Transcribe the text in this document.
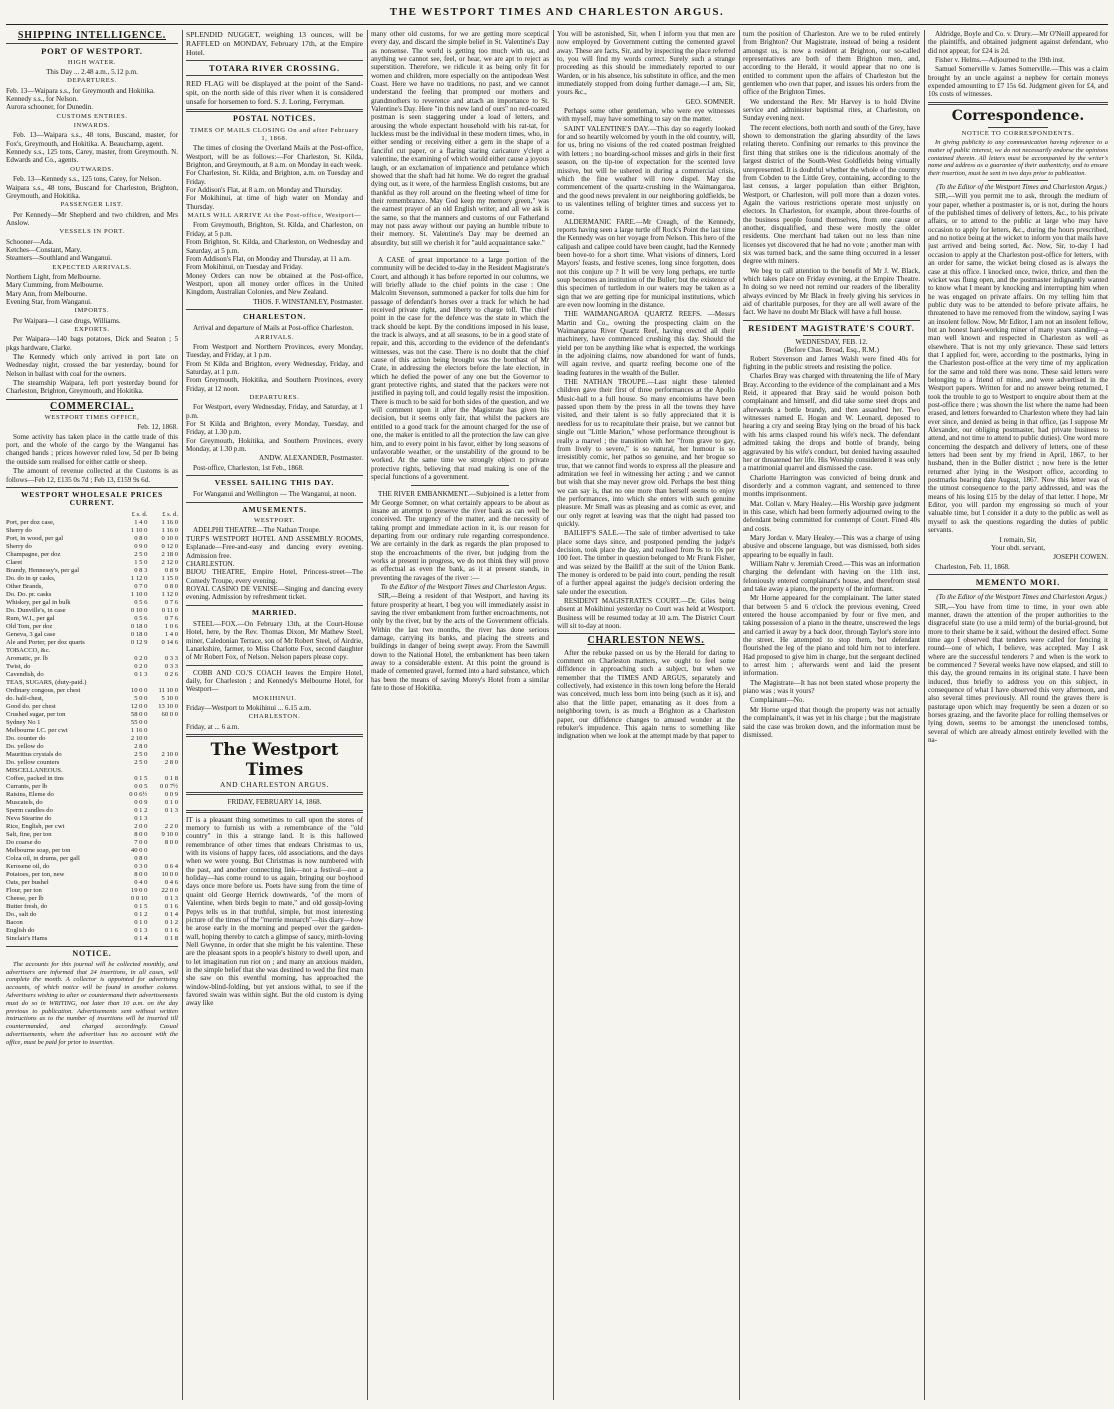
THE WESTPORT TIMES AND CHARLESTON ARGUS.
SHIPPING INTELLIGENCE.
PORT OF WESTPORT.
HIGH WATER.
This Day ... 2.48 a.m., 5.12 p.m.
DEPARTURES.

Feb. 13—Waipara s.s., for Greymouth and Hokitika.
Kennedy s.s., for Nelson.
Aurora schooner, for Dunedin.

CUSTOMS ENTRIES.
INWARDS.

Feb. 13—Waipara s.s., 48 tons, Buscand, master, for Fox's, Greymouth, and Hokitika. A. Beauchamp, agent.
Kennedy s.s., 125 tons, Carey, master, from Greymouth. N. Edwards and Co., agents.

OUTWARDS.

Feb. 13—Kennedy s.s., 125 tons, Carey, for Nelson.
Waipara s.s., 48 tons, Buscand for Charleston, Brighton, Greymouth, and Hokitika.

PASSENGER LIST.

Per Kennedy—Mr Shepherd and two children, and Mrs Anslow.

VESSELS IN PORT.

Schooner—Ada.
Ketches—Constant, Mary.
Steamers—Southland and Wanganui.

EXPECTED ARRIVALS.

Northern Light, from Melbourne.
Mary Cumming, from Melbourne.
Mary Ann, from Melbourne.
Evening Star, from Wanganui.

IMPORTS.

Per Waipara—1 case drugs, Williams.

EXPORTS.

Per Waipara—140 bags potatoes, Dick and Seaton ; 5 pkgs hardware, Clarke.

The Kennedy which only arrived in port late on Wednesday night, crossed the bar yesterday, bound for Nelson in ballast with coal for the owners.

The steamship Waipara, left port yesterday bound for Charleston, Brighton, Greymouth, and Hokitika.

COMMERCIAL.
WESTPORT TIMES OFFICE,
Feb. 12, 1868.

Some activity has taken place in the cattle trade of this port, and the whole of the cargo by the Wanganui has changed hands ; prices however ruled low, 5d per lb being the outside sum realised for either cattle or sheep.

The amount of revenue collected at the Customs is as follows—Feb 12, £135 0s 7d ; Feb 13, £159 9s 6d.

WESTPORT WHOLESALE PRICES CURRENT.
	£ s. d.	£ s. d.
Port, per doz case,	1 4 0	1 16 0
Sherry do	1 10 0	1 16 0
Port, in wood, per gal	0 8 0	0 10 0
Sherry do	0 9 0	0 12 0
Champagne, per doz	2 5 0	2 18 0
Claret	1 5 0	2 12 0
Brandy, Hennessy's, per gal	0 8 3	0 8 9
Do. do in qr casks,	1 12 0	1 15 0
Other Brands,	0 7 0	0 8 0
Do. Do. pr. casks	1 10 0	1 12 0
Whiskey, per gal in bulk	0 5 6	0 7 6
Do. Dunville's, in case	0 10 0	0 11 0
Rum, W.I., per gal	0 5 6	0 7 6
Old Tom, per doz	0 18 0	1 0 6
Geneva, 3 gal case	0 18 0	1 4 0
Ale and Porter, per doz quarts	0 12 9	0 14 6
TOBACCO, &c.		
Aromatic, pr. lb	0 2 0	0 3 3
Twist, do	0 2 0	0 3 3
Cavendish, do	0 1 3	0 2 6
TEAS, SUGARS, (duty-paid.)		
Ordinary congous, per chest	10 0 0	11 10 0
do. half-chest,	5 0 0	5 10 0
Good do. per chest	12 0 0	13 10 0
Crushed sugar, per ton	58 0 0	60 0 0
Sydney No 1	55 0 0	
Melbourne I.C. per cwt	1 16 0	
Do. counter do	2 10 0	
Do. yellow do	2 8 0	
Mauritius crystals do	2 5 0	2 10 0
Do. yellow counters	2 5 0	2 8 0
MISCELLANEOUS.		
Coffee, packed in tins	0 1 5	0 1 8
Currants, per lb	0 0 5	0 0 7½
Raisins, Eleme do	0 0 6½	0 0 9
Muscatels, do	0 0 9	0 1 0
Sperm candles do	0 1 2	0 1 3
Neva Stearine do	0 1 3	
Rice, English, per cwt	2 0 0	2 2 0
Salt, fine, per ton	8 0 0	9 10 0
Do coarse do	7 0 0	8 0 0
Melbourne soap, per ton	40 0 0	
Colza oil, in drums, per gall	0 8 0	
Kerosene oil, do	0 3 0	0 6 4
Potatoes, per ton, new	8 0 0	10 0 0
Oats, per bushel	0 4 0	0 4 6
Flour, per ton	19 0 0	22 0 0
Cheese, per lb	0 0 10	0 1 3
Butter fresh, do	0 1 5	0 1 6
Do., salt do	0 1 2	0 1 4
Bacon	0 1 0	0 1 2
English do	0 1 3	0 1 6
Sinclair's Hams	0 1 4	0 1 8
NOTICE.

The accounts for this journal will be collected monthly, and advertisers are informed that 24 insertions, in all cases, will complete the month. A collector is appointed for advertising accounts, of which notice will be found in another column. Advertisers wishing to alter or countermand their advertisements must do so in WRITING, not later than 10 a.m. on the day previous to publication. Advertisements sent without written instructions as to the number of insertions will be inserted till countermanded, and charged accordingly. Casual advertisements, when the advertiser has no account with the office, must be paid for prior to insertion.

SPLENDID NUGGET, weighing 13 ounces, will be RAFFLED on MONDAY, February 17th, at the Empire Hotel.

TOTARA RIVER CROSSING.

RED FLAG will be displayed at the point of the Sand-spit, on the north side of this river when it is considered unsafe for horsemen to ford. S. J. Loring, Ferryman.

POSTAL NOTICES.
TIMES OF MAILS CLOSING On and after February 1, 1868.

The times of closing the Overland Mails at the Post-office, Westport, will be as follows:—For Charleston, St. Kilda, Brighton, and Greymouth, at 8 a.m. on Monday in each week.
For Charleston, St. Kilda, and Brighton, a.m. on Tuesday and Friday.
For Addison's Flat, at 8 a.m. on Monday and Thursday.
For Mokihinui, at time of high water on Monday and Thursday.

MAILS WILL ARRIVE At the Post-office, Westport—

From Greymouth, Brighton, St. Kilda, and Charleston, on Friday, at 5 p.m.
From Brighton, St. Kilda, and Charleston, on Wednesday and Saturday, at 5 p.m.
From Addison's Flat, on Monday and Thursday, at 11 a.m.
From Mokihinui, on Tuesday and Friday.
Money Orders can now be obtained at the Post-office, Westport, upon all money order offices in the United Kingdom, Australian Colonies, and New Zealand.

THOS. F. WINSTANLEY, Postmaster.
CHARLESTON.

Arrival and departure of Mails at Post-office Charleston.

ARRIVALS.

From Westport and Northern Provinces, every Monday, Tuesday, and Friday, at 1 p.m.
From St Kilda and Brighton, every Wednesday, Friday, and Saturday, at 1 p.m.
From Greymouth, Hokitika, and Southern Provinces, every Friday, at 12 noon.

DEPARTURES.

For Westport, every Wednesday, Friday, and Saturday, at 1 p.m.
For St Kilda and Brighton, every Monday, Tuesday, and Friday, at 1.30 p.m.
For Greymouth, Hokitika, and Southern Provinces, every Monday, at 1.30 p.m.

ANDW. ALEXANDER, Postmaster.

Post-office, Charleston, 1st Feb., 1868.

VESSEL SAILING THIS DAY.

For Wanganui and Wellington — The Wanganui, at noon.

AMUSEMENTS.
WESTPORT.

ADELPHI THEATRE—The Nathan Troupe.
TURF'S WESTPORT HOTEL AND ASSEMBLY ROOMS, Esplanade—Free-and-easy and dancing every evening. Admission free.
CHARLESTON.
BIJOU THEATRE, Empire Hotel, Princess-street—The Comedy Troupe, every evening.
ROYAL CASINO DE VENISE—Singing and dancing every evening. Admission by refreshment ticket.

MARRIED.

STEEL—FOX.—On February 13th, at the Court-House Hotel, here, by the Rev. Thomas Dixon, Mr Mathew Steel, miner, Caledonian Terrace, son of Mr Robert Steel, of Airdrie, Lanarkshire, farmer, to Miss Charlotte Fox, second daughter of Mr Robert Fox, of Nelson. Nelson papers please copy.

COBB AND CO.'S COACH leaves the Empire Hotel, daily, for Charleston ; and Kennedy's Melbourne Hotel, for Westport—

MOKIHINUI.

Friday—Westport to Mokihinui ... 6.15 a.m.

CHARLESTON.

Friday, at ... 6 a.m.

The Westport Times
AND CHARLESTON ARGUS.
FRIDAY, FEBRUARY 14, 1868.

IT is a pleasant thing sometimes to call upon the stores of memory to furnish us with a remembrance of the "old country" in this a strange land. It is this hallowed remembrance of other times that endears Christmas to us, with its visions of happy faces, old associations, and the days when we were young. But Christmas is now numbered with the past, and another connecting link—not a festival—not a holiday—has come round to us again, bringing our boyhood days once more before us. Poets have sung from the time of quaint old George Herrick downwards, "of the morn of Valentine, when birds begin to mate," and old gossip-loving Pepys tells us in that truthful, simple, but most interesting picture of the times of the "merrie monarch"—his diary—how he arose early in the morning and peeped over the garden-wall, hoping thereby to catch a glimpse of saucy, mirth-loving Nell Gwynne, in order that she might be his valentine. These are the pleasant spots in a people's history to dwell upon, and to let imagination run riot on ; and many an anxious maiden, in the simple belief that she was destined to wed the first man she saw on this eventful morning, has approached the window-blind-folding, but yet anxious withal, to see if the favored swain was within sight. But the old custom is dying away like

many other old customs, for we are getting more sceptical every day, and discard the simple belief in St. Valentine's Day as nonsense. The world is getting too much with us, and anything we cannot see, feel, or hear, we are apt to reject as superstition. Therefore, we ridicule it as being only fit for women and children, more especially on the antipodean West Coast. Here we have no traditions, no past, and we cannot understand the feeling that prompted our mothers and grandmothers to reverence and attach an importance to St. Valentine's Day. Here "in this new land of ours" no red-coated postman is seen staggering under a load of letters, and arousing the whole expectant household with his rat-tat, for luckless must be the individual in these modern times, who, in either sending or receiving either a gem in the shape of a fanciful cut paper, or a flaring staring caricature y'clept a valentine, the examining of which would either cause a joyous laugh, or an exclamation of impatience and petulance which showed that the shaft had hit home. We do regret the gradual dying out, as it were, of the harmless English customs, but are thankful as they roll around on the fleeting wheel of time for their remembrance. May God keep my memory green," was the earnest prayer of an old English writer, and all we ask is the same, so that the manners and customs of our Fatherland may not pass away without our paying an humble tribute to their memory. St. Valentine's Day may be deemed an absurdity, but still we cherish it for "auld acquaintance sake."

A CASE of great importance to a large portion of the community will be decided to-day in the Resident Magistrate's Court, and although it has before reported in our columns, we will briefly allude to the chief points in the case : One Malcolm Stevenson, summoned a packer for tolls due him for passage of defendant's horses over a track for which he had received private right, and liberty to charge toll. The chief point in the case for the defence was the state in which the track should be kept. By the conditions imposed in his lease, the track is always, and at all seasons, to be in a good state of repair, and this, according to the evidence of the defendant's witnesses, was not the case. There is no doubt that the chief cause of this action being brought was the bombast of Mr Crate, in addressing the electors before the late election, in which he defied the power of any one but the Governor to grant protective rights, and stated that the packers were not justified in paying toll, and could legally resist the imposition. There is much to be said for both sides of the question, and we will comment upon it after the Magistrate has given his decision, but it seems only fair, that whilst the packers are entitled to a good track for the amount charged for the use of one, the maker is entitled to all the protection the law can give him, and to every point in his favor, either by long seasons of unfavorable weather, or the unstability of the ground to be worked. At the same time we strongly object to private protective rights, believing that road making is one of the special functions of a government.

THE RIVER EMBANKMENT.—Subjoined is a letter from Mr George Somner, on what certainly appears to be about as insane an attempt to preserve the river bank as can well be conceived. The urgency of the matter, and the necessity of taking prompt and immediate action in it, is our reason for departing from our ordinary rule regarding correspondence. We are certainly in the dark as regards the plan proposed to stop the encroachments of the river, but judging from the works at present in progress, we do not think they will prove as effectual as even the bank, as it at present stands, in preventing the ravages of the river :—

To the Editor of the Westport Times and Charleston Argus.

SIR,—Being a resident of that Westport, and having its future prosperity at heart, I beg you will immediately assist in saving the river embankment from further encroachments, not only by the river, but by the acts of the Government officials. Within the last two months, the river has done serious damage, carrying its banks, and placing the streets and buildings in danger of being swept away. From the Sawmill down to the National Hotel, the embankment has been taken away to a considerable extent. At this point the ground is made of cemented gravel, formed into a hard substance, which has been the means of saving Morey's Hotel from a similar fate to those of Hokitika.

You will be astonished, Sir, when I inform you that men are now employed by Government cutting the cemented gravel away. These are facts, Sir, and by inspecting the place referred to, you will find my words correct. Surely such a strange proceeding as this should be immediately reported to our Warden, or in his absence, his substitute in office, and the men immediately stopped from doing further damage.—I am, Sir, yours &c.,

GEO. SOMNER.

Perhaps some other gentleman, who were eye witnesses with myself, may have something to say on the matter.

SAINT VALENTINE'S DAY.—This day so eagerly looked for and so heartily welcomed by youth in the old country, will, for us, bring no visions of the red coated postman freighted with letters ; no boarding-school misses and girls in their first season, on the tip-toe of expectation for the scented love missive, but will be ushered in during a commercial crisis, which the fine weather will now dispel. May the commencement of the quartz-crushing in the Waimangaroa, and the good news prevalent in our neighboring goldfields, be to us valentines telling of brighter times and success yet to come.

ALDERMANIC FARE.—Mr Creagh, of the Kennedy, reports having seen a large turtle off Rock's Point the last time the Kennedy was on her voyage from Nelson. This hero of the calipash and calipee could have been caught, had the Kennedy been hove-to for a short time. What visions of dinners, Lord Mayors' feasts, and festive scenes, long since forgotten, does not this conjure up ? It will be very long perhaps, ere turtle soup becomes an institution of the Buller; but the existence of this specimen of turtledom in our waters may be taken as a sign that we are getting ripe for municipal institutions, which are even now looming in the distance.

THE WAIMANGAROA QUARTZ REEFS. —Messrs Martin and Co., owning the prospecting claim on the Waimangaroa River Quartz Reef, having erected all their machinery, have commenced crushing this day. Should the yield per ton be anything like what is expected, the workings in the adjoining claims, now abandoned for want of funds, will again revive, and quartz reefing become one of the leading features in the wealth of the Buller.

THE NATHAN TROUPE.—Last night these talented children gave their first of three performances at the Apollo Music-hall to a full house. So many encomiums have been passed upon them by the press in all the towns they have visited, and their talent is so fully appreciated that it is needless for us to recapitulate their praise, but we cannot but single out "Little Marion," whose performance throughout is really a marvel ; the transition with her "from grave to gay, from lively to severe," is so natural, her humour is so irresistibly comic, her pathos so genuine, and her brogue so true, that we cannot find words to express all the pleasure and admiration we feel in witnessing her acting ; and we cannot but wish that she may never grow old. Perhaps the best thing we can say is, that no one more than herself seems to enjoy the performances, into which she enters with such genuine pleasure. Mr Small was as pleasing and as comic as ever, and our only regret at leaving was that the night had passed too quickly.

BAILIFF'S SALE.—The sale of timber advertised to take place some days since, and postponed pending the judge's decision, took place the day, and realised from 9s to 10s per 100 feet. The timber in question belonged to Mr Frank Fisher, and was seized by the Bailiff at the suit of the Union Bank. The money is ordered to be paid into court, pending the result of a further appeal against the judge's decision ordering the sale under the execution.

RESIDENT MAGISTRATE'S COURT.—Dr. Giles being absent at Mokihinui yesterday no Court was held at Westport. Business will be resumed today at 10 a.m. The District Court will sit to-day at noon.

CHARLESTON NEWS.

After the rebuke passed on us by the Herald for daring to comment on Charleston matters, we ought to feel some diffidence in approaching such a subject, but when we remember that the TIMES AND ARGUS, separately and collectively, had existence in this town long before the Herald was conceived, much less born into being (such as it is), and also that the little paper, emanating as it does from a neighboring town, is as much a Brighton as a Charleston paper, our diffidence changes to amused wonder at the rebuker's impudence. This again turns to something like indignation when we look at the attempt made by that paper to

turn the position of Charleston. Are we to be ruled entirely from Brighton? Our Magistrate, instead of being a resident amongst us, is now a resident at Brighton, our so-called representatives are both of them Brighton men, and, according to the Herald, it would appear that no one is entitled to comment upon the affairs of Charleston but the gentlemen who own that paper, and issues his orders from the office of the Brighton Times.

We understand the Rev. Mr Harvey is to hold Divine service and administer baptismal rites, at Charleston, on Sunday evening next.

The recent elections, both north and south of the Grey, have shown to demonstration the glaring absurdity of the laws relating thereto. Confining our remarks to this province the first thing that strikes one is the ridiculous anomaly of the largest district of the South-West Goldfields being virtually unrepresented. It is doubtful whether the whole of the country from Cobden to the Little Grey, containing, according to the last census, a larger population than either Brighton, Westport, or Charleston, will poll more than a dozen votes. Again the various restrictions operate most unjustly on electors. In Charleston, for example, about three-fourths of the business people found themselves, from one cause or another, disqualified, and these were mostly the older residents. One merchant had taken out no less than nine licenses yet discovered that he had no vote ; another man with six was turned back, and the same thing occurred in a lesser degree with miners.

We beg to call attention to the benefit of Mr J. W. Black, which takes place on Friday evening, at the Empire Theatre. In doing so we need not remind our readers of the liberality always evinced by Mr Black in freely giving his services in aid of charitable purposes, for they are all well aware of the fact. We have no doubt Mr Black will have a full house.

RESIDENT MAGISTRATE'S COURT.
WEDNESDAY, FEB. 12.
(Before Chas. Broad, Esq., R.M.)

Robert Stevenson and James Walsh were fined 40s for fighting in the public streets and resisting the police.

Charles Bray was charged with threatening the life of Mary Bray. According to the evidence of the complainant and a Mrs Reid, it appeared that Bray said he would poison both complainant and himself, and did take some steel drops and afterwards a bottle brandy, and then assaulted her. Two witnesses named E. Hogan and W. Leonard, deposed to hearing a cry and seeing Bray lying on the broad of his back with his arms clasped round his wife's neck. The defendant admitted taking the drops and bottle of brandy, being aggravated by his wife's conduct, but denied having assaulted her or threatened her life. His Worship considered it was only a matrimonial quarrel and dismissed the case.

Charlotte Harrington was convicted of being drunk and disorderly and a common vagrant, and sentenced to three months imprisonment.

Mat. Collan v. Mary Healey.—His Worship gave judgment in this case, which had been formerly adjourned owing to the defendant being committed for contempt of Court. Fined 40s and costs.

Mary Jordan v. Mary Healey.—This was a charge of using abusive and obscene language, but was dismissed, both sides appearing to be equally in fault.

William Nahr v. Jeremiah Creed.—This was an information charging the defendant with having on the 11th inst, feloniously entered complainant's house, and therefrom steal and take away a piano, the property of the informant.

Mr Horne appeared for the complainant. The latter stated that between 5 and 6 o'clock the previous evening, Creed entered the house accompanied by four or five men, and taking possession of a piano in the theatre, unscrewed the legs and carried it away by a back door, through Taylor's store into the street. He attempted to stop them, but defendant flourished the leg of the piano and told him not to interfere. Had proposed to give him in charge, but the sergeant declined to arrest him ; afterwards went and laid the present information.

The Magistrate—It has not been stated whose property the piano was ; was it yours?

Complainant—No.

Mr Horne urged that though the property was not actually the complainant's, it was yet in his charge ; but the magistrate said the case was broken down, and the information must be dismissed.

Aldridge, Boyle and Co. v. Drury.—Mr O'Neill appeared for the plaintiffs, and obtained judgment against defendant, who did not appear, for £24 is 2d.

Fisher v. Helms.—Adjourned to the 19th inst.

Samuel Somerville v. James Somerville.—This was a claim brought by an uncle against a nephew for certain moneys expended amounting to £7 15s 6d. Judgment given for £4, and 10s costs of witnesses.

Correspondence.
NOTICE TO CORRESPONDENTS.

In giving publicity to any communication having reference to a matter of public interest, we do not necessarily endorse the opinions contained therein. All letters must be accompanied by the writer's name and address as a guarantee of their authenticity, and to ensure their insertion, must be sent in two days prior to publication.

(To the Editor of the Westport Times and Charleston Argus.)

SIR,—Will you permit me to ask, through the medium of your paper, whether a postmaster is, or is not, during the hours of the published times of delivery of letters, &c., to his private affairs, or to attend to the public at large who may have occasion to apply for letters, &c., during the hours prescribed, and no notice being at the wicket to inform you that mails have just arrived and being sorted, &c. Now, Sir, to-day I had occasion to apply at the Charleston post-office for letters, with an order for same, the wicket being closed as is always the case at this office. I knocked once, twice, thrice, and then the wicket was flung open, and the postmaster indignantly wanted to know what I meant by knocking and interrupting him when he was engaged on private affairs. On my telling him that public duty was to be attended to before private affairs, he threatened to have me removed from the window, saying I was an insolent fellow. Now, Mr Editor, I am not an insolent fellow, but an honest hard-working miner of many years standing—a man well known and respected in Charleston as well as elsewhere. That is not my only grievance. These said letters that I applied for, were, according to the postmarks, lying in the Charleston post-office at the very time of my application for the same and told there was none. These said letters were belonging to a friend of mine, and were advertised in the Westport papers. Written for and no answer being returned, I took the trouble to go to Westport to enquire about them at the post-office there ; was shown the list where the name had been erased, and letters forwarded to Charleston where they had lain ever since, and denied as being in that office, (as I suppose Mr Alexander, our obliging postmaster, had private business to attend, and not time to attend to public duties). One word more concerning the despatch and delivery of letters, one of these letters had been sent by my friend in April, 1867, to her husband, then in the Buller district ; now here is the letter returned after lying in the Westport office, according to postmarks bearing date August, 1867. Now this letter was of the utmost consequence to the party addressed, and was the means of his losing £15 by the delay of that letter. I hope, Mr Editor, you will pardon my engrossing so much of your valuable time, but I consider it a duty to the public as well as myself to ask the questions regarding the duties of public servants.

I remain, Sir,
Your obdt. servant,
JOSEPH COWEN.

Charleston, Feb. 11, 1868.

MEMENTO MORI.

(To the Editor of the Westport Times and Charleston Argus.)

SIR,—You have from time to time, in your own able manner, drawn the attention of the proper authorities to the disgraceful state (to use a mild term) of the burial-ground, but more to their shame be it said, without the desired effect. Some time ago I observed that tenders were called for fencing it round—one of which, I believe, was accepted. May I ask where are the successful tenderers ? and when is the work to be commenced ? Several weeks have now elapsed, and still to this day, the ground remains in its original state. I have been induced, thus briefly to address you on this subject, in consequence of what I have observed this very afternoon, and also several times previously. All round the graves there is pasturage upon which may frequently be seen a dozen or so horses grazing, and the favorite place for rolling themselves or lying down, seems to be amongst the unenclosed tombs, several of which are already almost entirely levelled with the na-
